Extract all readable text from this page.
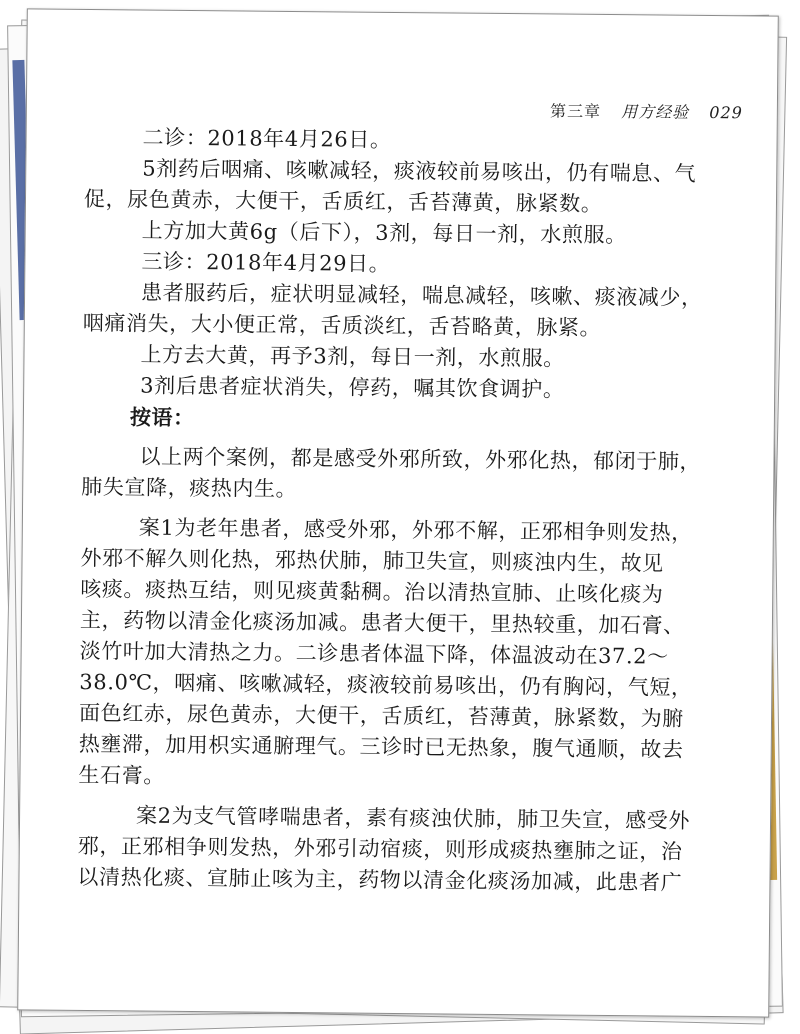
第三章 用方经验 029
二诊：2018年4月26日。
5剂药后咽痛、咳嗽减轻，痰液较前易咳出，仍有喘息、气
促，尿色黄赤，大便干，舌质红，舌苔薄黄，脉紧数。
上方加大黄6g（后下），3剂，每日一剂，水煎服。
三诊：2018年4月29日。
患者服药后，症状明显减轻，喘息减轻，咳嗽、痰液减少，
咽痛消失，大小便正常，舌质淡红，舌苔略黄，脉紧。
上方去大黄，再予3剂，每日一剂，水煎服。
3剂后患者症状消失，停药，嘱其饮食调护。
按语：
以上两个案例，都是感受外邪所致，外邪化热，郁闭于肺，
肺失宣降，痰热内生。
案1为老年患者，感受外邪，外邪不解，正邪相争则发热，
外邪不解久则化热，邪热伏肺，肺卫失宣，则痰浊内生，故见
咳痰。痰热互结，则见痰黄黏稠。治以清热宣肺、止咳化痰为
主，药物以清金化痰汤加减。患者大便干，里热较重，加石膏、
淡竹叶加大清热之力。二诊患者体温下降，体温波动在37.2～
38.0℃，咽痛、咳嗽减轻，痰液较前易咳出，仍有胸闷，气短，
面色红赤，尿色黄赤，大便干，舌质红，苔薄黄，脉紧数，为腑
热壅滞，加用枳实通腑理气。三诊时已无热象，腹气通顺，故去
生石膏。
案2为支气管哮喘患者，素有痰浊伏肺，肺卫失宣，感受外
邪，正邪相争则发热，外邪引动宿痰，则形成痰热壅肺之证，治
以清热化痰、宣肺止咳为主，药物以清金化痰汤加减，此患者广
